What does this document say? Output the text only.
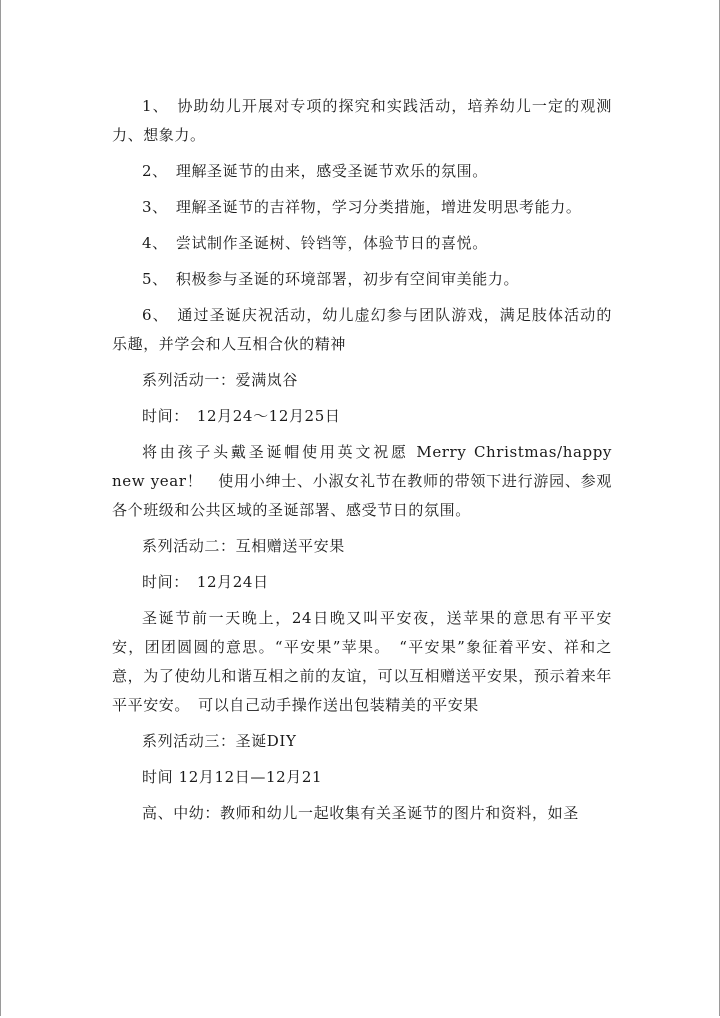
1、　协助幼儿开展对专项的探究和实践活动，培养幼儿一定的观测力、想象力。

2、　理解圣诞节的由来，感受圣诞节欢乐的氛围。

3、　理解圣诞节的吉祥物，学习分类措施，增进发明思考能力。

4、　尝试制作圣诞树、铃铛等，体验节日的喜悦。

5、　积极参与圣诞的环境部署，初步有空间审美能力。

6、　通过圣诞庆祝活动，幼儿虚幻参与团队游戏，满足肢体活动的乐趣，并学会和人互相合伙的精神

系列活动一：爱满岚谷

时间：　12月24～12月25日

将由孩子头戴圣诞帽使用英文祝愿 Merry Christmas/happy new year！　使用小绅士、小淑女礼节在教师的带领下进行游园、参观各个班级和公共区域的圣诞部署、感受节日的氛围。

系列活动二：互相赠送平安果

时间：　12月24日

圣诞节前一天晚上，24日晚又叫平安夜，送苹果的意思有平平安安，团团圆圆的意思。“平安果”苹果。　“平安果”象征着平安、祥和之意，为了使幼儿和谐互相之前的友谊，可以互相赠送平安果，预示着来年平平安安。　可以自己动手操作送出包装精美的平安果

系列活动三：圣诞DIY

时间 12月12日—12月21

高、中幼：教师和幼儿一起收集有关圣诞节的图片和资料，如圣
